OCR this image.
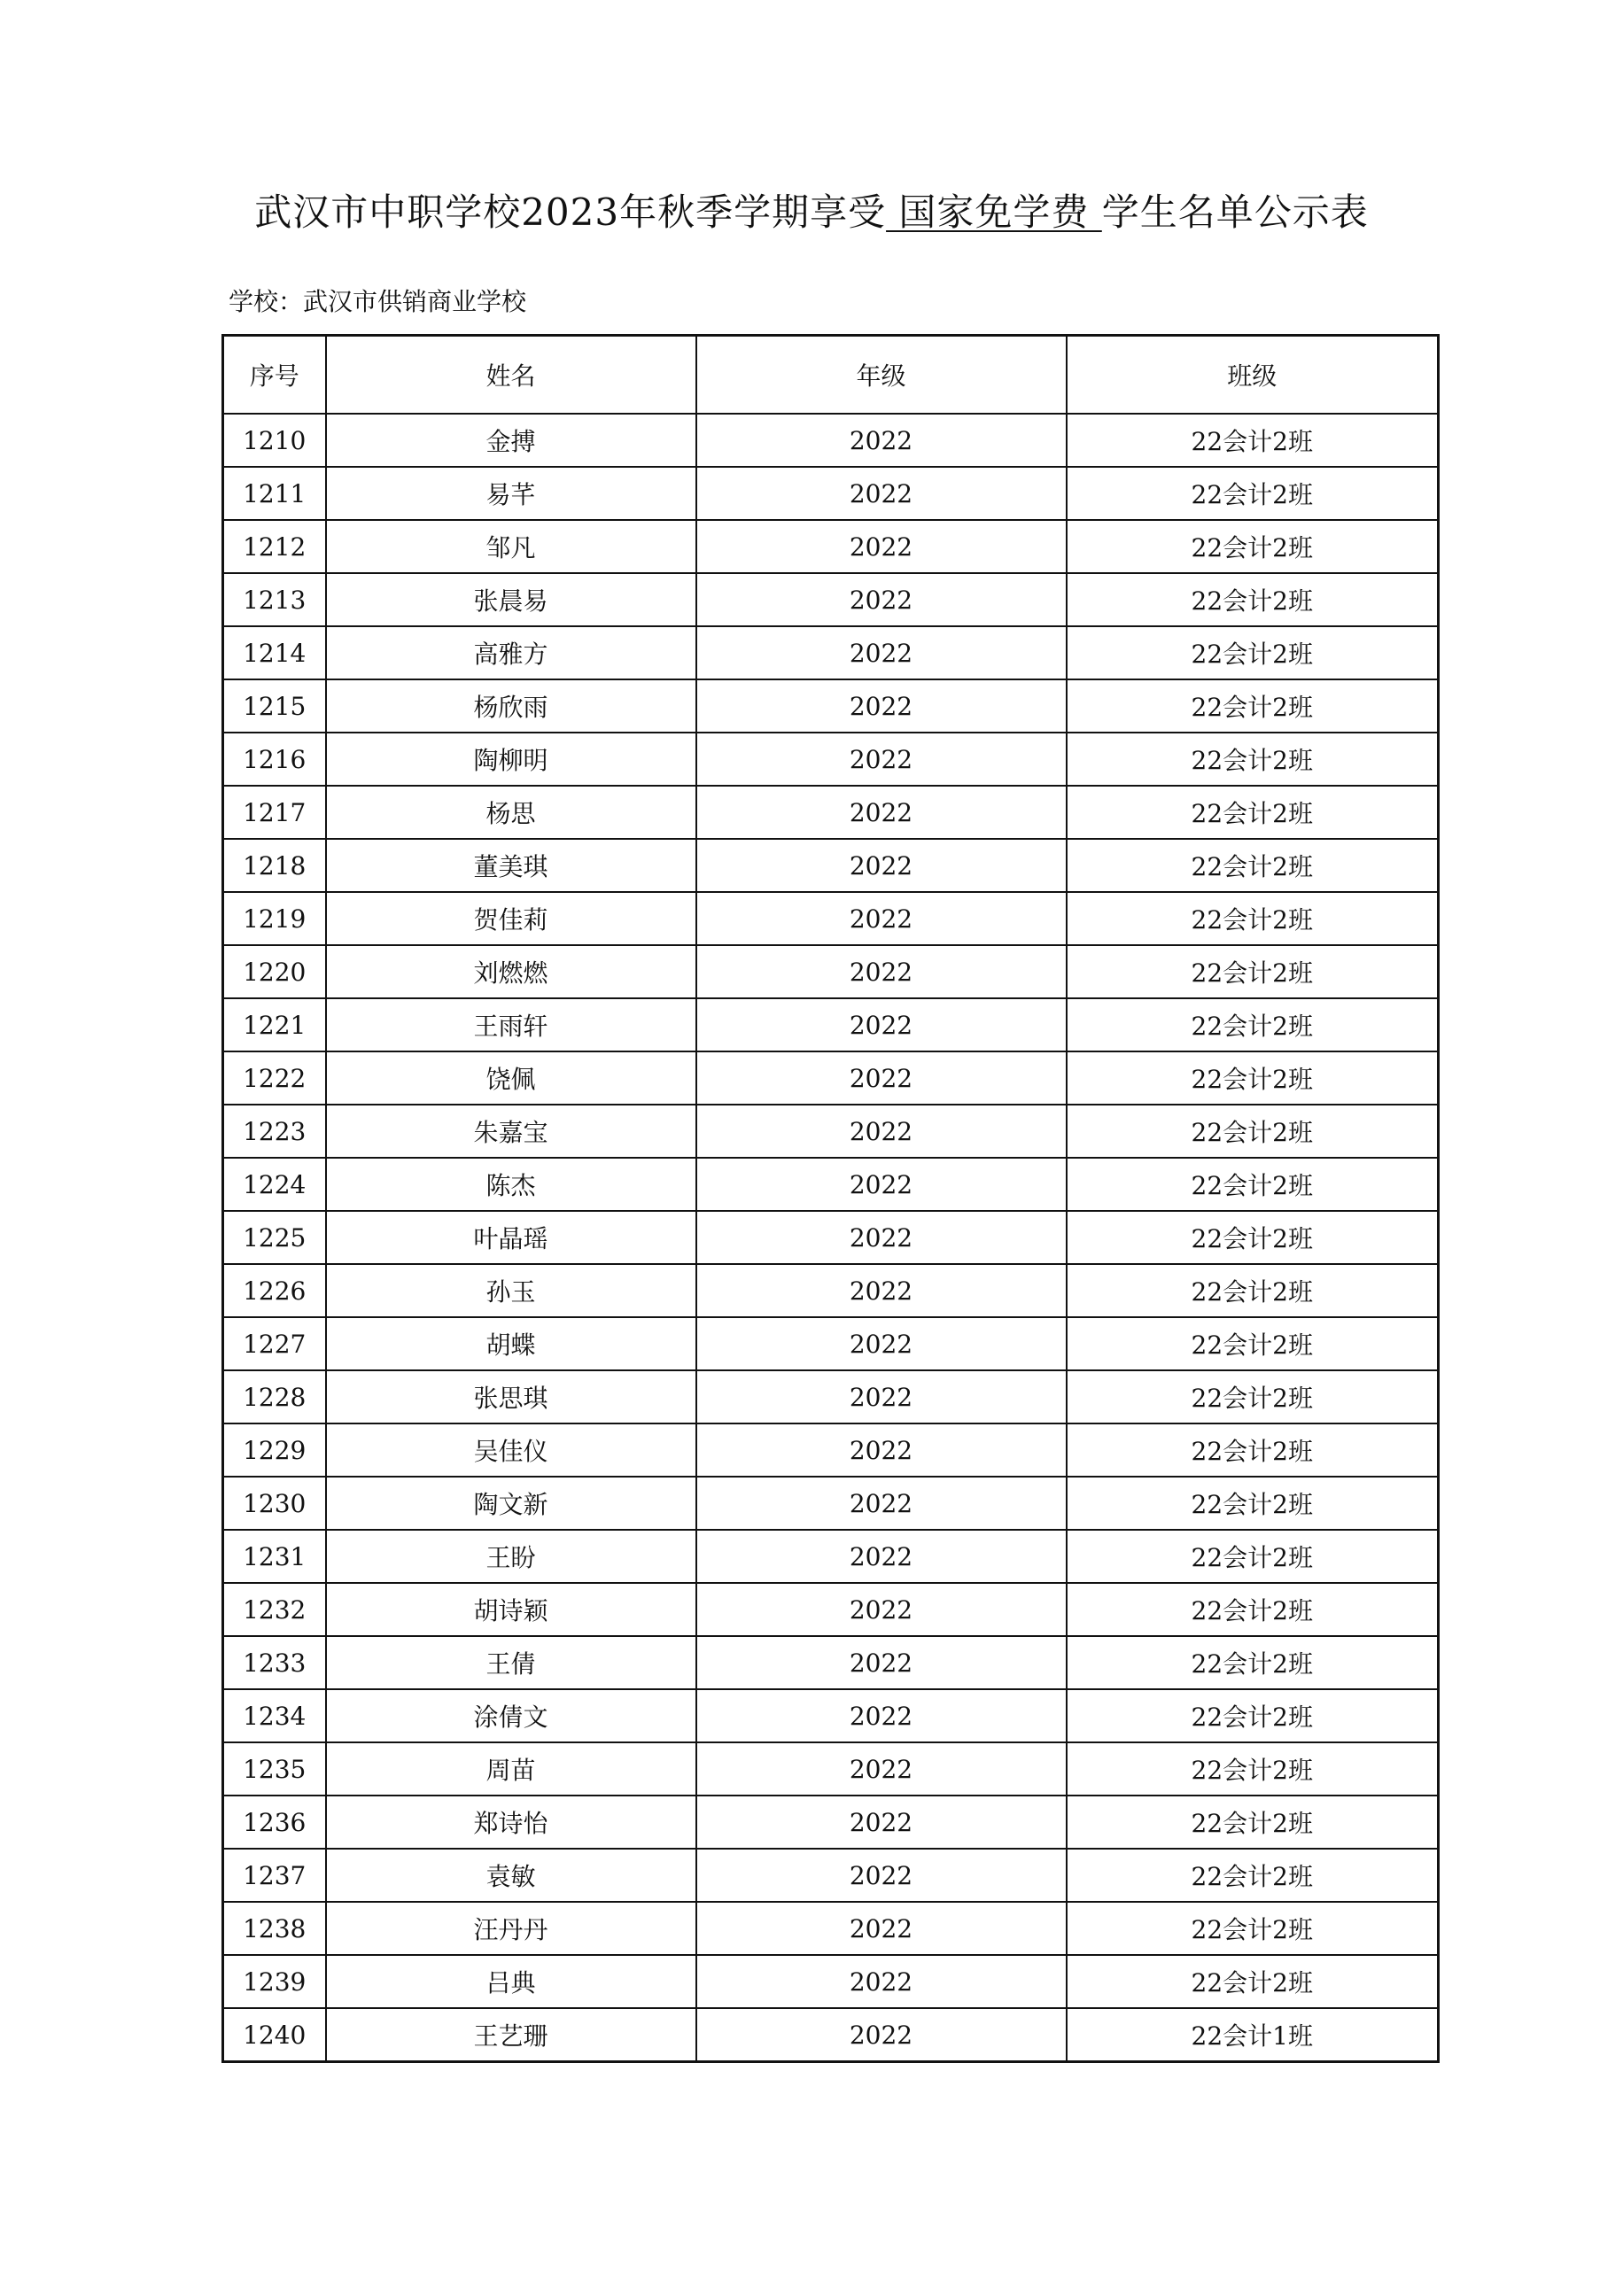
武汉市中职学校2023年秋季学期享受 国家免学费 学生名单公示表
学校：武汉市供销商业学校
序号	姓名	年级	班级
1210	金搏	2022	22会计2班
1211	易芊	2022	22会计2班
1212	邹凡	2022	22会计2班
1213	张晨易	2022	22会计2班
1214	高雅方	2022	22会计2班
1215	杨欣雨	2022	22会计2班
1216	陶柳明	2022	22会计2班
1217	杨思	2022	22会计2班
1218	董美琪	2022	22会计2班
1219	贺佳莉	2022	22会计2班
1220	刘燃燃	2022	22会计2班
1221	王雨轩	2022	22会计2班
1222	饶佩	2022	22会计2班
1223	朱嘉宝	2022	22会计2班
1224	陈杰	2022	22会计2班
1225	叶晶瑶	2022	22会计2班
1226	孙玉	2022	22会计2班
1227	胡蝶	2022	22会计2班
1228	张思琪	2022	22会计2班
1229	吴佳仪	2022	22会计2班
1230	陶文新	2022	22会计2班
1231	王盼	2022	22会计2班
1232	胡诗颖	2022	22会计2班
1233	王倩	2022	22会计2班
1234	涂倩文	2022	22会计2班
1235	周苗	2022	22会计2班
1236	郑诗怡	2022	22会计2班
1237	袁敏	2022	22会计2班
1238	汪丹丹	2022	22会计2班
1239	吕典	2022	22会计2班
1240	王艺珊	2022	22会计1班
